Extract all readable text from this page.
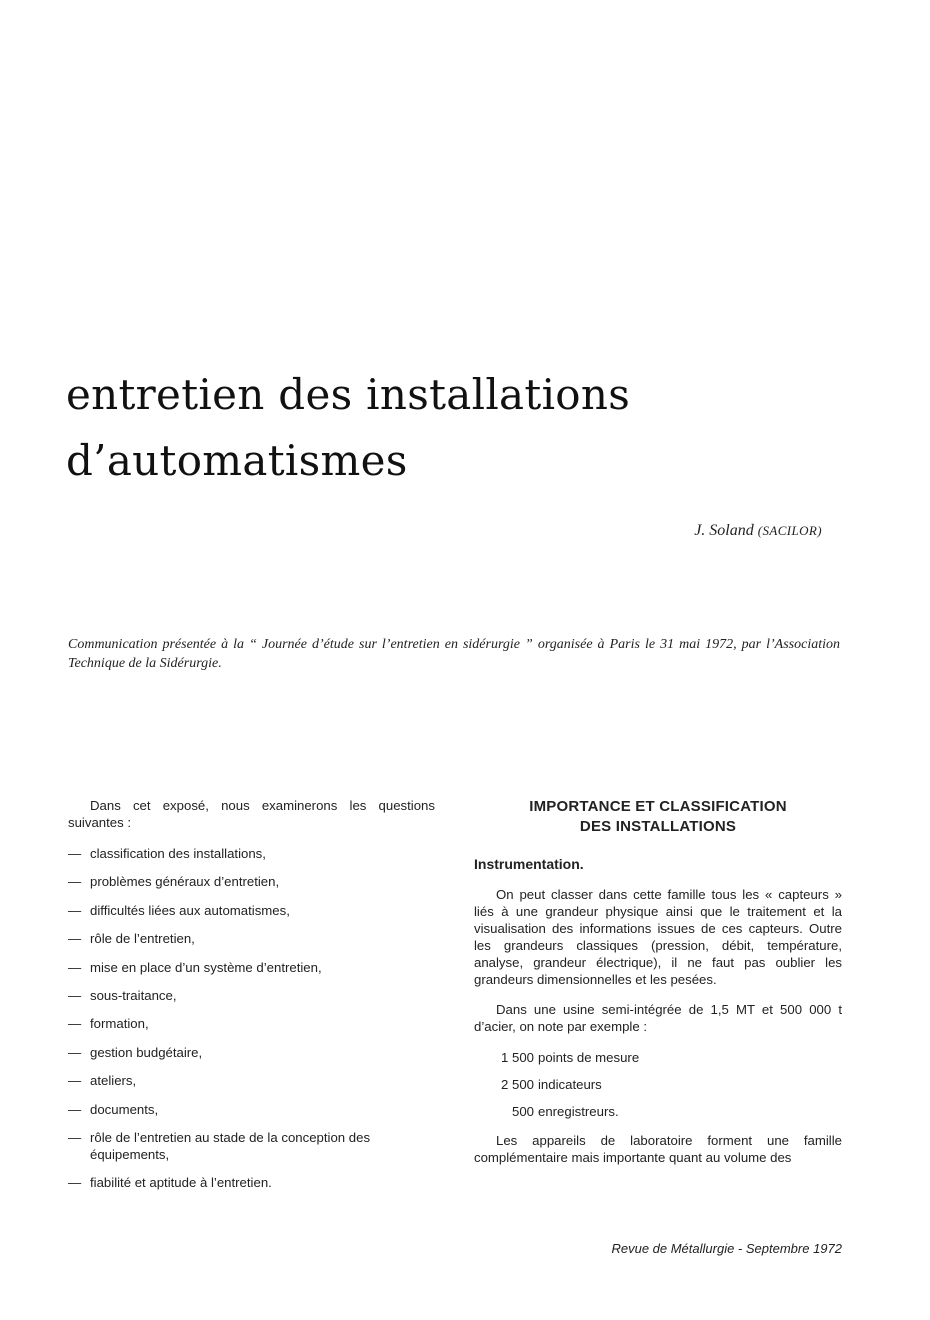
entretien des installations
d’automatismes
J. Soland (SACILOR)

Communication présentée à la “ Journée d’étude sur l’entretien en sidérurgie ” organisée à Paris le 31 mai 1972, par l’Association Technique de la Sidérurgie.

Dans cet exposé, nous examinerons les questions suivantes :

— classification des installations,
— problèmes généraux d’entretien,
— difficultés liées aux automatismes,
— rôle de l’entretien,
— mise en place d’un système d’entretien,
— sous-traitance,
— formation,
— gestion budgétaire,
— ateliers,
— documents,
— rôle de l’entretien au stade de la conception des équipements,
— fiabilité et aptitude à l’entretien.

IMPORTANCE ET CLASSIFICATION
DES INSTALLATIONS

Instrumentation.

On peut classer dans cette famille tous les « capteurs » liés à une grandeur physique ainsi que le traitement et la visualisation des informations issues de ces capteurs. Outre les grandeurs classiques (pression, débit, température, analyse, grandeur électrique), il ne faut pas oublier les grandeurs dimensionnelles et les pesées.

Dans une usine semi-intégrée de 1,5 MT et 500 000 t d’acier, on note par exemple :

1 500 points de mesure
2 500 indicateurs
500 enregistreurs.

Les appareils de laboratoire forment une famille complémentaire mais importante quant au volume des

Revue de Métallurgie - Septembre 1972
